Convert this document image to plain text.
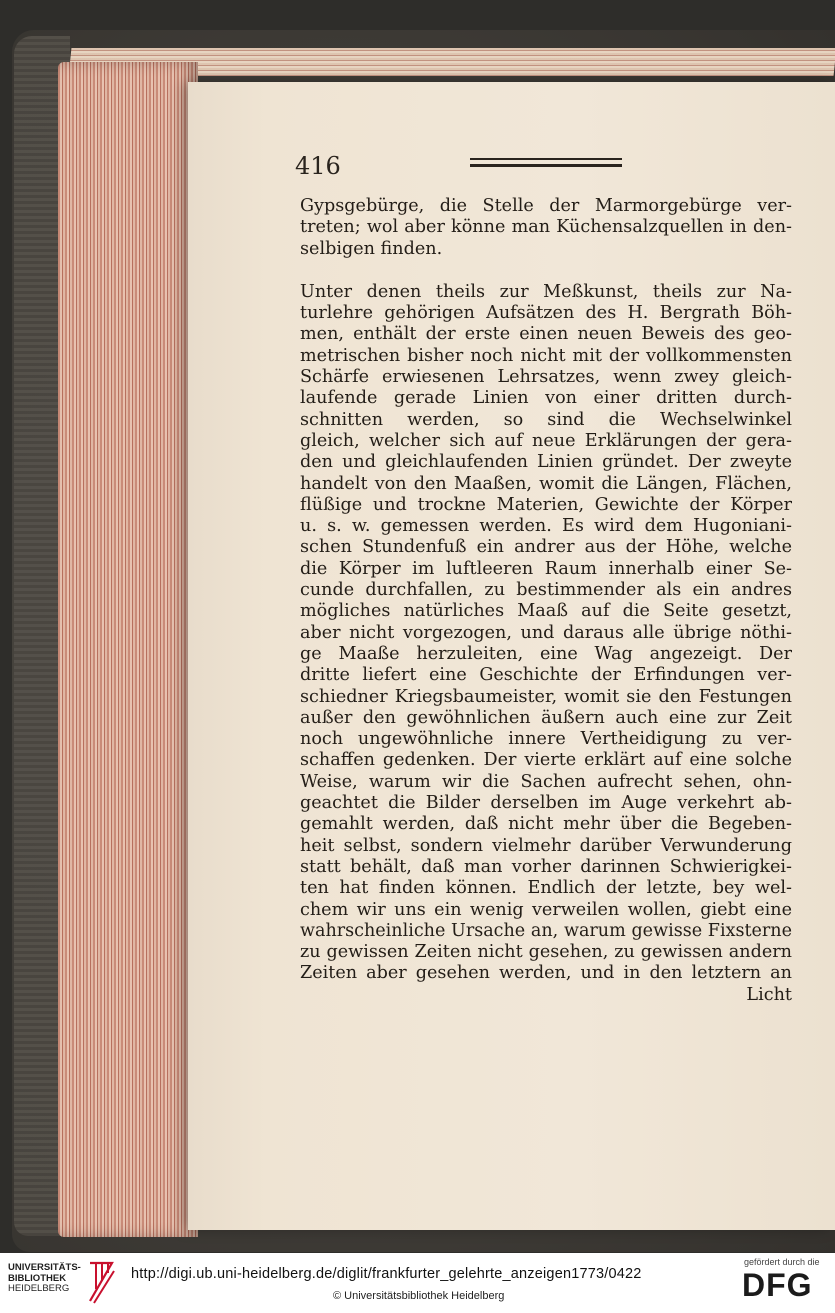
416
Gypsgebürge, die Stelle der Marmorgebürge ver-
treten; wol aber könne man Küchensalzquellen in den-
selbigen finden.
Unter denen theils zur Meßkunst, theils zur Na-
turlehre gehörigen Aufsätzen des H. Bergrath Böh-
men, enthält der erste einen neuen Beweis des geo-
metrischen bisher noch nicht mit der vollkommensten
Schärfe erwiesenen Lehrsatzes, wenn zwey gleich-
laufende gerade Linien von einer dritten durch-
schnitten werden, so sind die Wechselwinkel
gleich, welcher sich auf neue Erklärungen der gera-
den und gleichlaufenden Linien gründet. Der zweyte
handelt von den Maaßen, womit die Längen, Flächen,
flüßige und trockne Materien, Gewichte der Körper
u. s. w. gemessen werden. Es wird dem Hugoniani-
schen Stundenfuß ein andrer aus der Höhe, welche
die Körper im luftleeren Raum innerhalb einer Se-
cunde durchfallen, zu bestimmender als ein andres
mögliches natürliches Maaß auf die Seite gesetzt,
aber nicht vorgezogen, und daraus alle übrige nöthi-
ge Maaße herzuleiten, eine Wag angezeigt. Der
dritte liefert eine Geschichte der Erfindungen ver-
schiedner Kriegsbaumeister, womit sie den Festungen
außer den gewöhnlichen äußern auch eine zur Zeit
noch ungewöhnliche innere Vertheidigung zu ver-
schaffen gedenken. Der vierte erklärt auf eine solche
Weise, warum wir die Sachen aufrecht sehen, ohn-
geachtet die Bilder derselben im Auge verkehrt ab-
gemahlt werden, daß nicht mehr über die Begeben-
heit selbst, sondern vielmehr darüber Verwunderung
statt behält, daß man vorher darinnen Schwierigkei-
ten hat finden können. Endlich der letzte, bey wel-
chem wir uns ein wenig verweilen wollen, giebt eine
wahrscheinliche Ursache an, warum gewisse Fixsterne
zu gewissen Zeiten nicht gesehen, zu gewissen andern
Zeiten aber gesehen werden, und in den letztern an
Licht
UNIVERSITÄTS-
BIBLIOTHEK
HEIDELBERG
http://digi.ub.uni-heidelberg.de/diglit/frankfurter_gelehrte_anzeigen1773/0422
© Universitätsbibliothek Heidelberg
gefördert durch die
DFG
